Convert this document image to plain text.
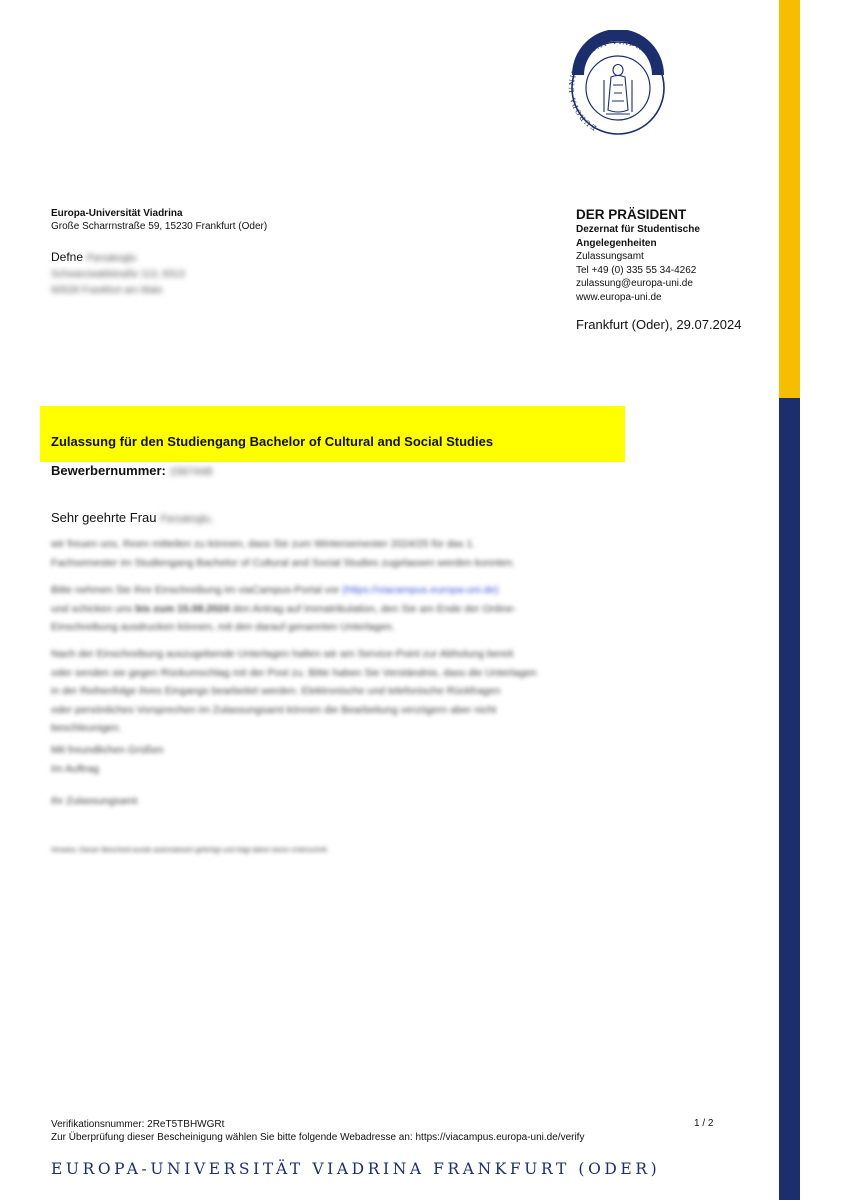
EUROPA UNIVERSITÄT VIADRINA
Europa-Universität Viadrina
Große Scharrnstraße 59, 15230 Frankfurt (Oder)
Defne Parsakoglu
Schwarzwaldstraße 113, 8313
60528 Frankfurt am Main
DER PRÄSIDENT
Dezernat für Studentische
Angelegenheiten
Zulassungsamt
Tel +49 (0) 335 55 34-4262
zulassung@europa-uni.de
www.europa-uni.de
Frankfurt (Oder), 29.07.2024
Zulassung für den Studiengang Bachelor of Cultural and Social Studies
Bewerbernummer: 1567448
Sehr geehrte Frau Parsakoglu,
wir freuen uns, Ihnen mitteilen zu können, dass Sie zum Wintersemester 2024/25 für das 1.
Fachsemester im Studiengang Bachelor of Cultural and Social Studies zugelassen werden konnten.
Bitte nehmen Sie Ihre Einschreibung im viaCampus-Portal vor (https://viacampus.europa-uni.de)
und schicken uns bis zum 15.08.2024 den Antrag auf Immatrikulation, den Sie am Ende der Online-
Einschreibung ausdrucken können, mit den darauf genannten Unterlagen.
Nach der Einschreibung auszugebende Unterlagen halten wir am Service-Point zur Abholung bereit
oder senden sie gegen Rückumschlag mit der Post zu. Bitte haben Sie Verständnis, dass die Unterlagen
in der Reihenfolge ihres Eingangs bearbeitet werden. Elektronische und telefonische Rückfragen
oder persönliches Vorsprechen im Zulassungsamt können die Bearbeitung verzögern aber nicht
beschleunigen.
Mit freundlichen Grüßen
Im Auftrag
Ihr Zulassungsamt
Hinweis: Dieser Bescheid wurde automatisiert gefertigt und trägt daher keine Unterschrift.
Verifikationsnummer: 2ReT5TBHWGRt
Zur Überprüfung dieser Bescheinigung wählen Sie bitte folgende Webadresse an: https://viacampus.europa-uni.de/verify
1 / 2
EUROPA-UNIVERSITÄT VIADRINA FRANKFURT (ODER)
